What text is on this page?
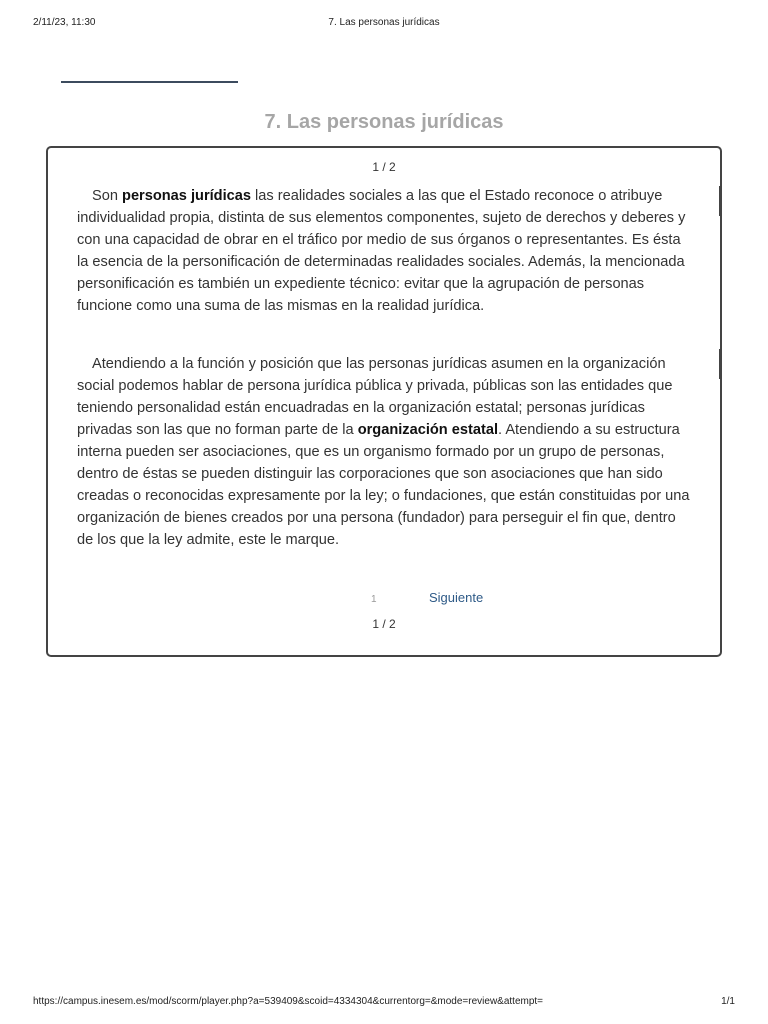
2/11/23, 11:30	7. Las personas jurídicas
7. Las personas jurídicas
1 / 2

Son personas jurídicas las realidades sociales a las que el Estado reconoce o atribuye individualidad propia, distinta de sus elementos componentes, sujeto de derechos y deberes y con una capacidad de obrar en el tráfico por medio de sus órganos o representantes. Es ésta la esencia de la personificación de determinadas realidades sociales. Además, la mencionada personificación es también un expediente técnico: evitar que la agrupación de personas funcione como una suma de las mismas en la realidad jurídica.

Atendiendo a la función y posición que las personas jurídicas asumen en la organización social podemos hablar de persona jurídica pública y privada, públicas son las entidades que teniendo personalidad están encuadradas en la organización estatal; personas jurídicas privadas son las que no forman parte de la organización estatal. Atendiendo a su estructura interna pueden ser asociaciones, que es un organismo formado por un grupo de personas, dentro de éstas se pueden distinguir las corporaciones que son asociaciones que han sido creadas o reconocidas expresamente por la ley; o fundaciones, que están constituidas por una organización de bienes creados por una persona (fundador) para perseguir el fin que, dentro de los que la ley admite, este le marque.

1	Siguiente
1 / 2
https://campus.inesem.es/mod/scorm/player.php?a=539409&scoid=4334304&currentorg=&mode=review&attempt=	1/1
